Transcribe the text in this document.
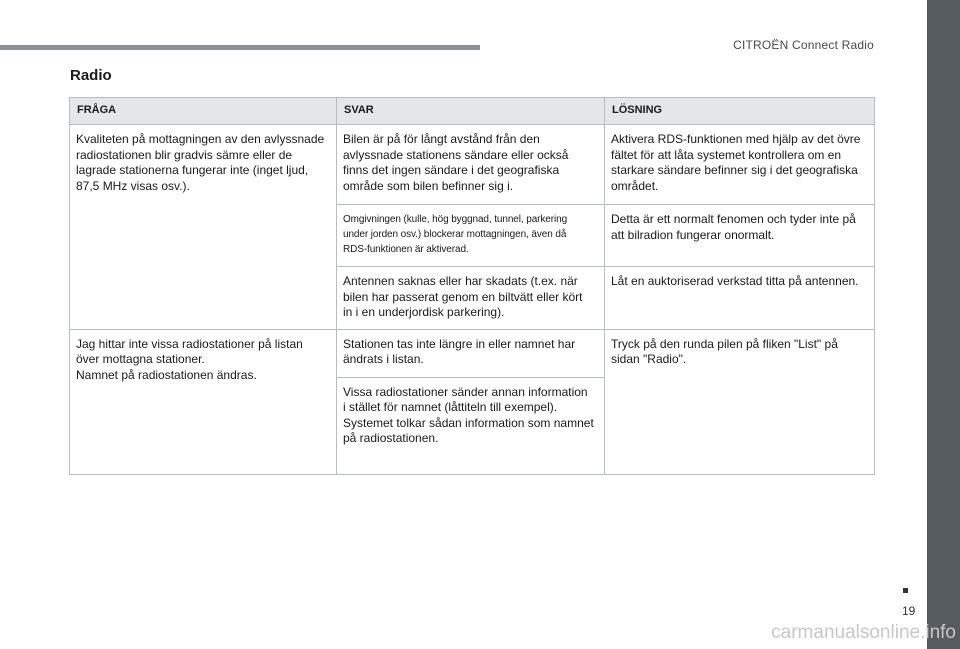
CITROËN Connect Radio
Radio
FRÅGA	SVAR	LÖSNING

Kvaliteten på mottagningen av den avlyssnade
radiostationen blir gradvis sämre eller de
lagrade stationerna fungerar inte (inget ljud,
87,5 MHz visas osv.).	Bilen är på för långt avstånd från den
avlyssnade stationens sändare eller också
finns det ingen sändare i det geografiska
område som bilen befinner sig i.	Aktivera RDS-funktionen med hjälp av det övre
fältet för att låta systemet kontrollera om en
starkare sändare befinner sig i det geografiska
området.

	Omgivningen (kulle, hög byggnad, tunnel, parkering
under jorden osv.) blockerar mottagningen, även då
RDS-funktionen är aktiverad.	Detta är ett normalt fenomen och tyder inte på
att bilradion fungerar onormalt.

	Antennen saknas eller har skadats (t.ex. när
bilen har passerat genom en biltvätt eller kört
in i en underjordisk parkering).	Låt en auktoriserad verkstad titta på antennen.

Jag hittar inte vissa radiostationer på listan
över mottagna stationer.
Namnet på radiostationen ändras.	Stationen tas inte längre in eller namnet har
ändrats i listan.	Tryck på den runda pilen på fliken "List" på
sidan "Radio".

	Vissa radiostationer sänder annan information
i stället för namnet (låttiteln till exempel).
Systemet tolkar sådan information som namnet
på radiostationen.	
19
carmanualsonline.info
